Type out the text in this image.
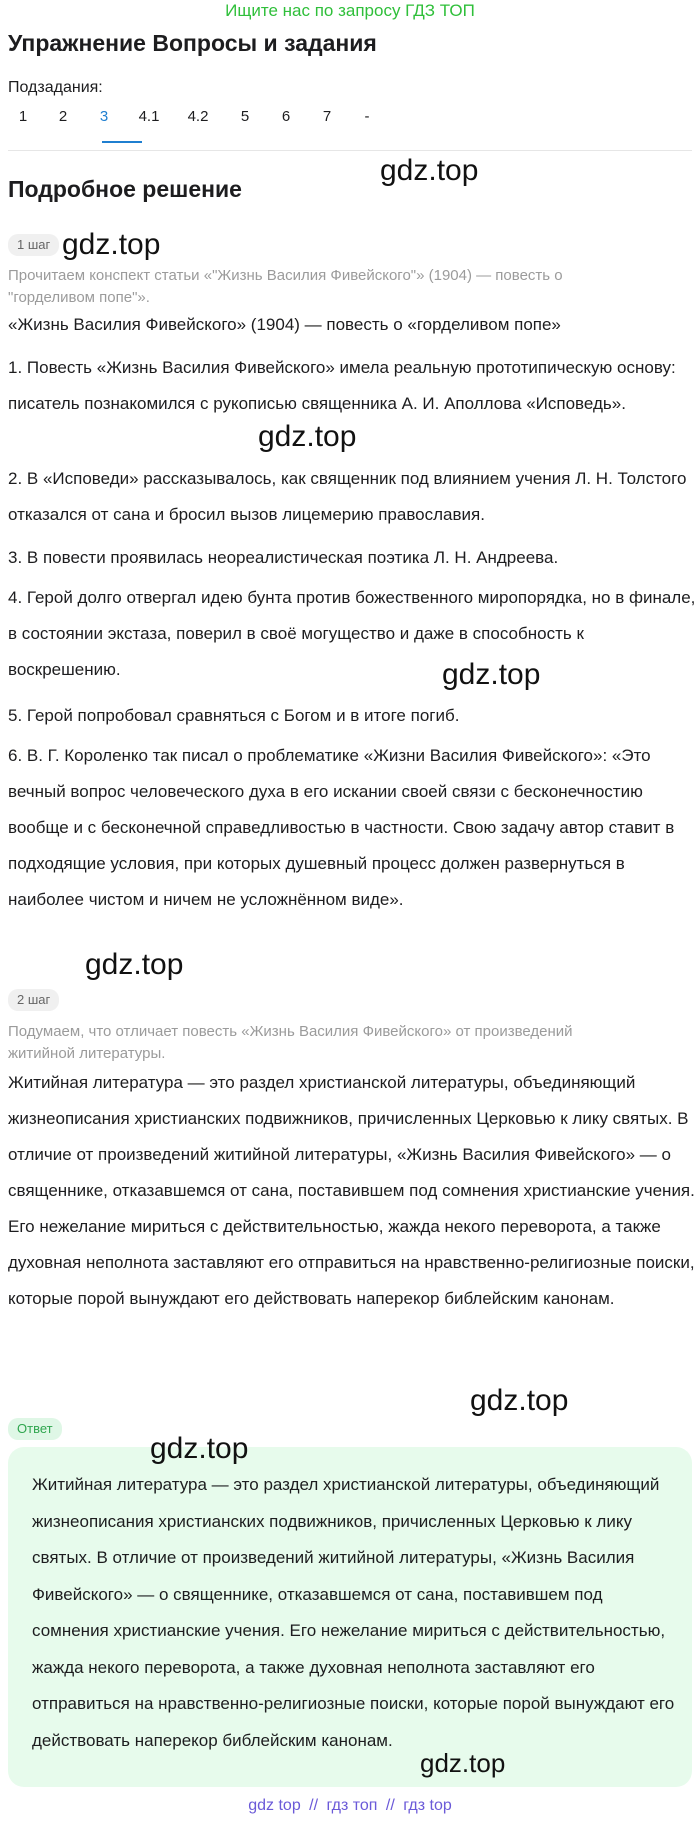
Ищите нас по запросу ГДЗ ТОП
Упражнение Вопросы и задания
Подзадания:
1 2 3 4.1 4.2 5 6 7 -
Подробное решение
gdz.top
1 шаг gdz.top

Прочитаем конспект статьи «"Жизнь Василия Фивейского"» (1904) — повесть о "горделивом попе"».

«Жизнь Василия Фивейского» (1904) — повесть о «горделивом попе»

1. Повесть «Жизнь Василия Фивейского» имела реальную прототипическую основу: писатель познакомился с рукописью священника А. И. Аполлова «Исповедь».

gdz.top

2. В «Исповеди» рассказывалось, как священник под влиянием учения Л. Н. Толстого отказался от сана и бросил вызов лицемерию православия.

3. В повести проявилась неореалистическая поэтика Л. Н. Андреева.

4. Герой долго отвергал идею бунта против божественного миропорядка, но в финале, в состоянии экстаза, поверил в своё могущество и даже в способность к воскрешению.	gdz.top

5. Герой попробовал сравняться с Богом и в итоге погиб.

6. В. Г. Короленко так писал о проблематике «Жизни Василия Фивейского»: «Это вечный вопрос человеческого духа в его искании своей связи с бесконечностию вообще и с бесконечной справедливостью в частности. Свою задачу автор ставит в подходящие условия, при которых душевный процесс должен развернуться в наиболее чистом и ничем не усложнённом виде».

gdz.top
2 шаг

Подумаем, что отличает повесть «Жизнь Василия Фивейского» от произведений житийной литературы.

Житийная литература — это раздел христианской литературы, объединяющий жизнеописания христианских подвижников, причисленных Церковью к лику святых. В отличие от произведений житийной литературы, «Жизнь Василия Фивейского» — о священнике, отказавшемся от сана, поставившем под сомнения христианские учения. Его нежелание мириться с действительностью, жажда некого переворота, а также духовная неполнота заставляют его отправиться на нравственно-религиозные поиски, которые порой вынуждают его действовать наперекор библейским канонам.

gdz.top
Ответ
gdz.top

Житийная литература — это раздел христианской литературы, объединяющий жизнеописания христианских подвижников, причисленных Церковью к лику святых. В отличие от произведений житийной литературы, «Жизнь Василия Фивейского» — о священнике, отказавшемся от сана, поставившем под сомнения христианские учения. Его нежелание мириться с действительностью, жажда некого переворота, а также духовная неполнота заставляют его отправиться на нравственно-религиозные поиски, которые порой вынуждают его действовать наперекор библейским канонам.

gdz.top
gdz top // гдз топ // гдз top
